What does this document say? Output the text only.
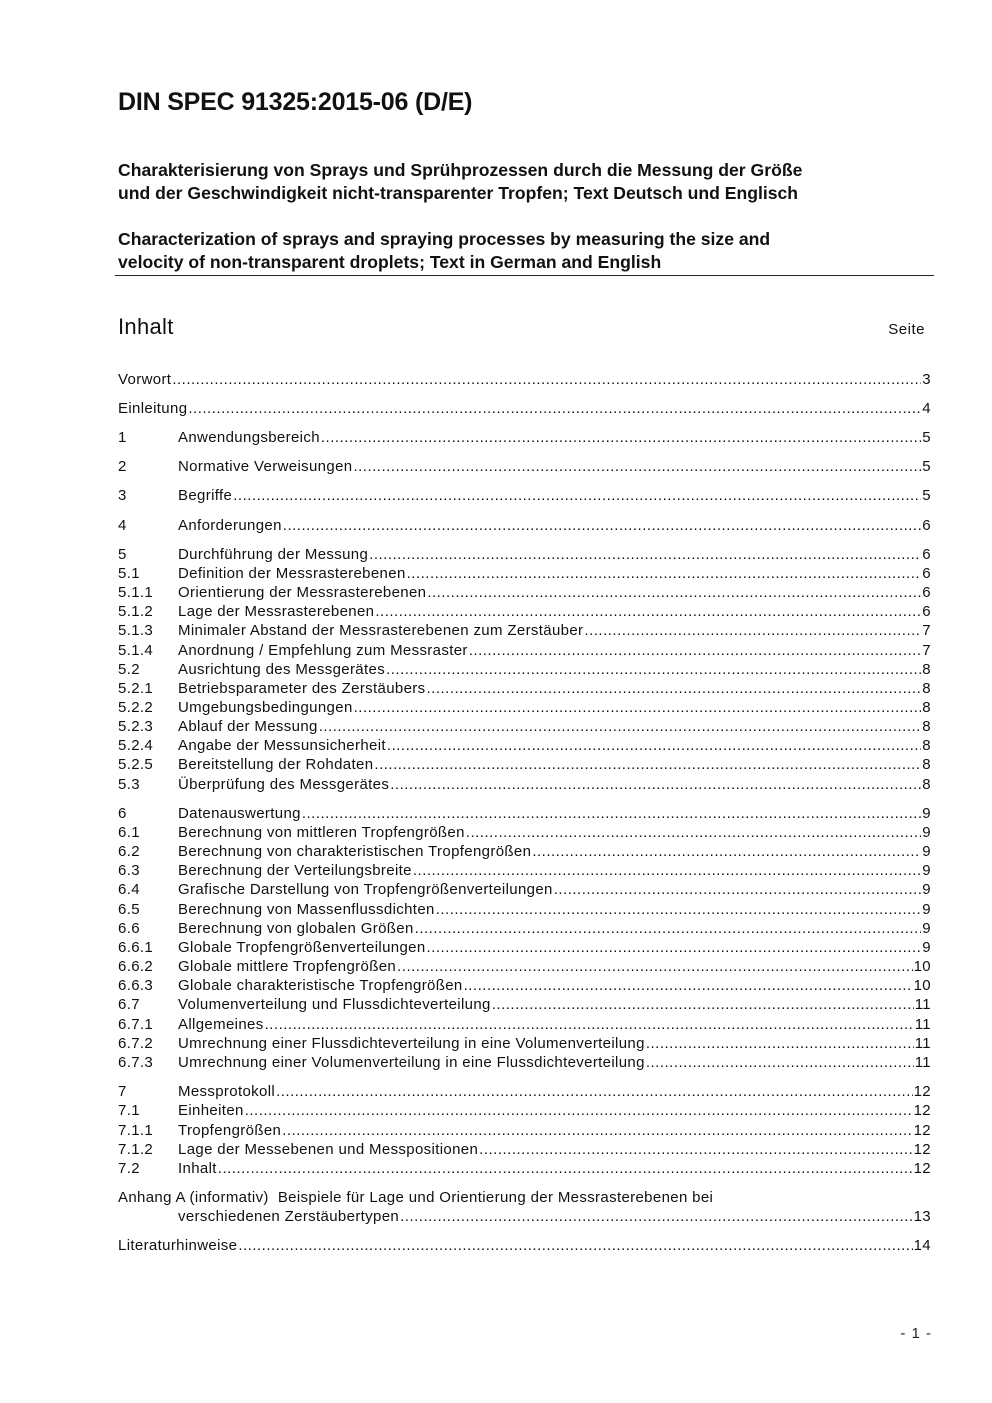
DIN SPEC 91325:2015-06 (D/E)
Charakterisierung von Sprays und Sprühprozessen durch die Messung der Größe
und der Geschwindigkeit nicht-transparenter Tropfen; Text Deutsch und Englisch
Characterization of sprays and spraying processes by measuring the size and
velocity of non-transparent droplets; Text in German and English
Inhalt	Seite
Vorwort .....	3
Einleitung .....	4
1	Anwendungsbereich .....	5
2	Normative Verweisungen .....	5
3	Begriffe .....	5
4	Anforderungen .....	6
5	Durchführung der Messung .....	6
5.1	Definition der Messrasterebenen .....	6
5.1.1 Orientierung der Messrasterebenen .....	6
5.1.2 Lage der Messrasterebenen .....	6
5.1.3 Minimaler Abstand der Messrasterebenen zum Zerstäuber .....	7
5.1.4 Anordnung / Empfehlung zum Messraster .....	7
5.2	Ausrichtung des Messgerätes .....	8
5.2.1 Betriebsparameter des Zerstäubers .....	8
5.2.2 Umgebungsbedingungen .....	8
5.2.3 Ablauf der Messung .....	8
5.2.4 Angabe der Messunsicherheit .....	8
5.2.5 Bereitstellung der Rohdaten .....	8
5.3	Überprüfung des Messgerätes .....	8
6	Datenauswertung .....	9
6.1	Berechnung von mittleren Tropfengrößen .....	9
6.2	Berechnung von charakteristischen Tropfengrößen .....	9
6.3	Berechnung der Verteilungsbreite .....	9
6.4	Grafische Darstellung von Tropfengrößenverteilungen .....	9
6.5	Berechnung von Massenflussdichten .....	9
6.6	Berechnung von globalen Größen .....	9
6.6.1 Globale Tropfengrößenverteilungen .....	9
6.6.2 Globale mittlere Tropfengrößen .....	10
6.6.3 Globale charakteristische Tropfengrößen .....	10
6.7	Volumenverteilung und Flussdichteverteilung .....	11
6.7.1 Allgemeines .....	11
6.7.2 Umrechnung einer Flussdichteverteilung in eine Volumenverteilung .....	11
6.7.3 Umrechnung einer Volumenverteilung in eine Flussdichteverteilung .....	11
7	Messprotokoll .....	12
7.1	Einheiten .....	12
7.1.1 Tropfengrößen .....	12
7.1.2 Lage der Messebenen und Messpositionen .....	12
7.2	Inhalt .....	12
Anhang A (informativ) Beispiele für Lage und Orientierung der Messrasterebenen bei
verschiedenen Zerstäubertypen .....	13
Literaturhinweise .....	14
- 1 -
